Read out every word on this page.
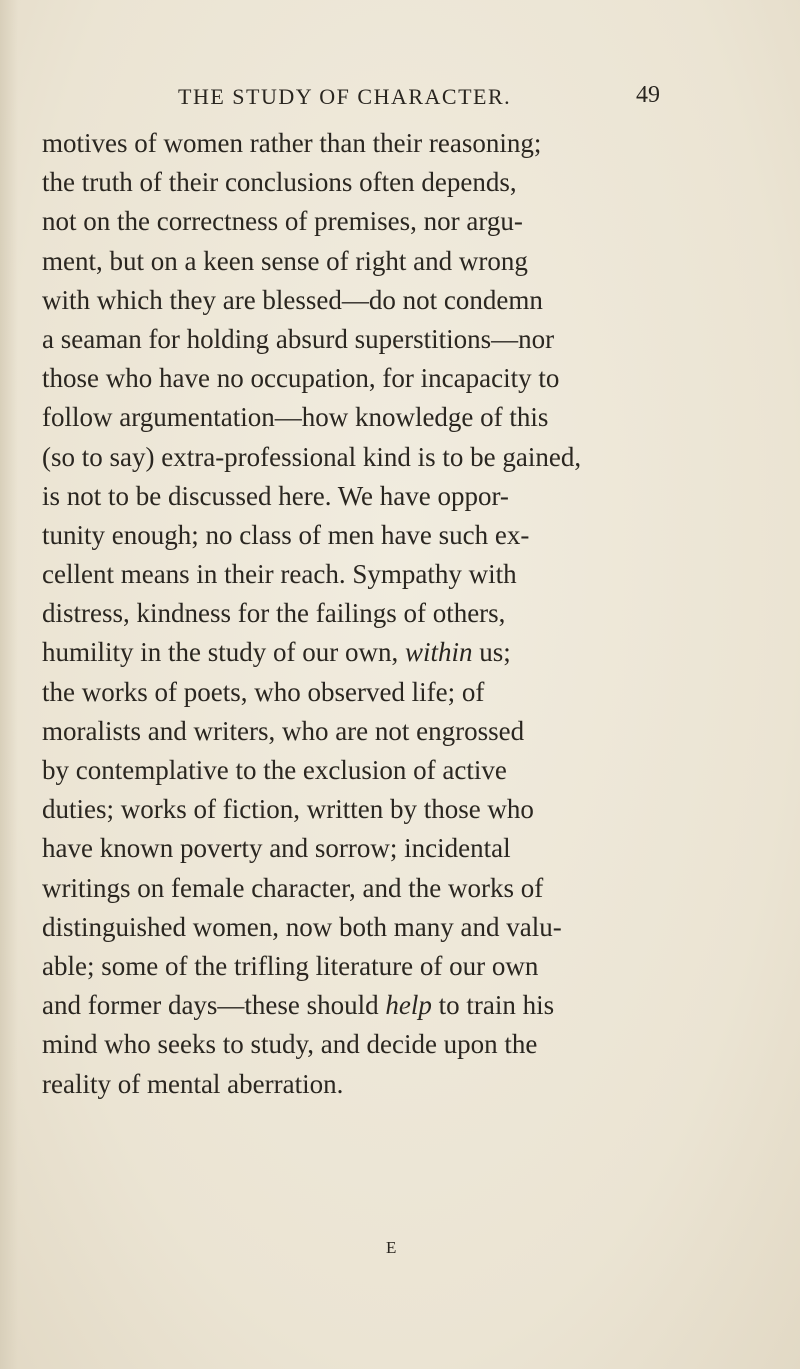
THE STUDY OF CHARACTER.	49
motives of women rather than their reasoning;
the truth of their conclusions often depends,
not on the correctness of premises, nor argu-
ment, but on a keen sense of right and wrong
with which they are blessed—do not condemn
a seaman for holding absurd superstitions—nor
those who have no occupation, for incapacity to
follow argumentation—how knowledge of this
(so to say) extra-professional kind is to be gained,
is not to be discussed here. We have oppor-
tunity enough; no class of men have such ex-
cellent means in their reach. Sympathy with
distress, kindness for the failings of others,
humility in the study of our own, within us;
the works of poets, who observed life; of
moralists and writers, who are not engrossed
by contemplative to the exclusion of active
duties; works of fiction, written by those who
have known poverty and sorrow; incidental
writings on female character, and the works of
distinguished women, now both many and valu-
able; some of the trifling literature of our own
and former days—these should help to train his
mind who seeks to study, and decide upon the
reality of mental aberration.
E
